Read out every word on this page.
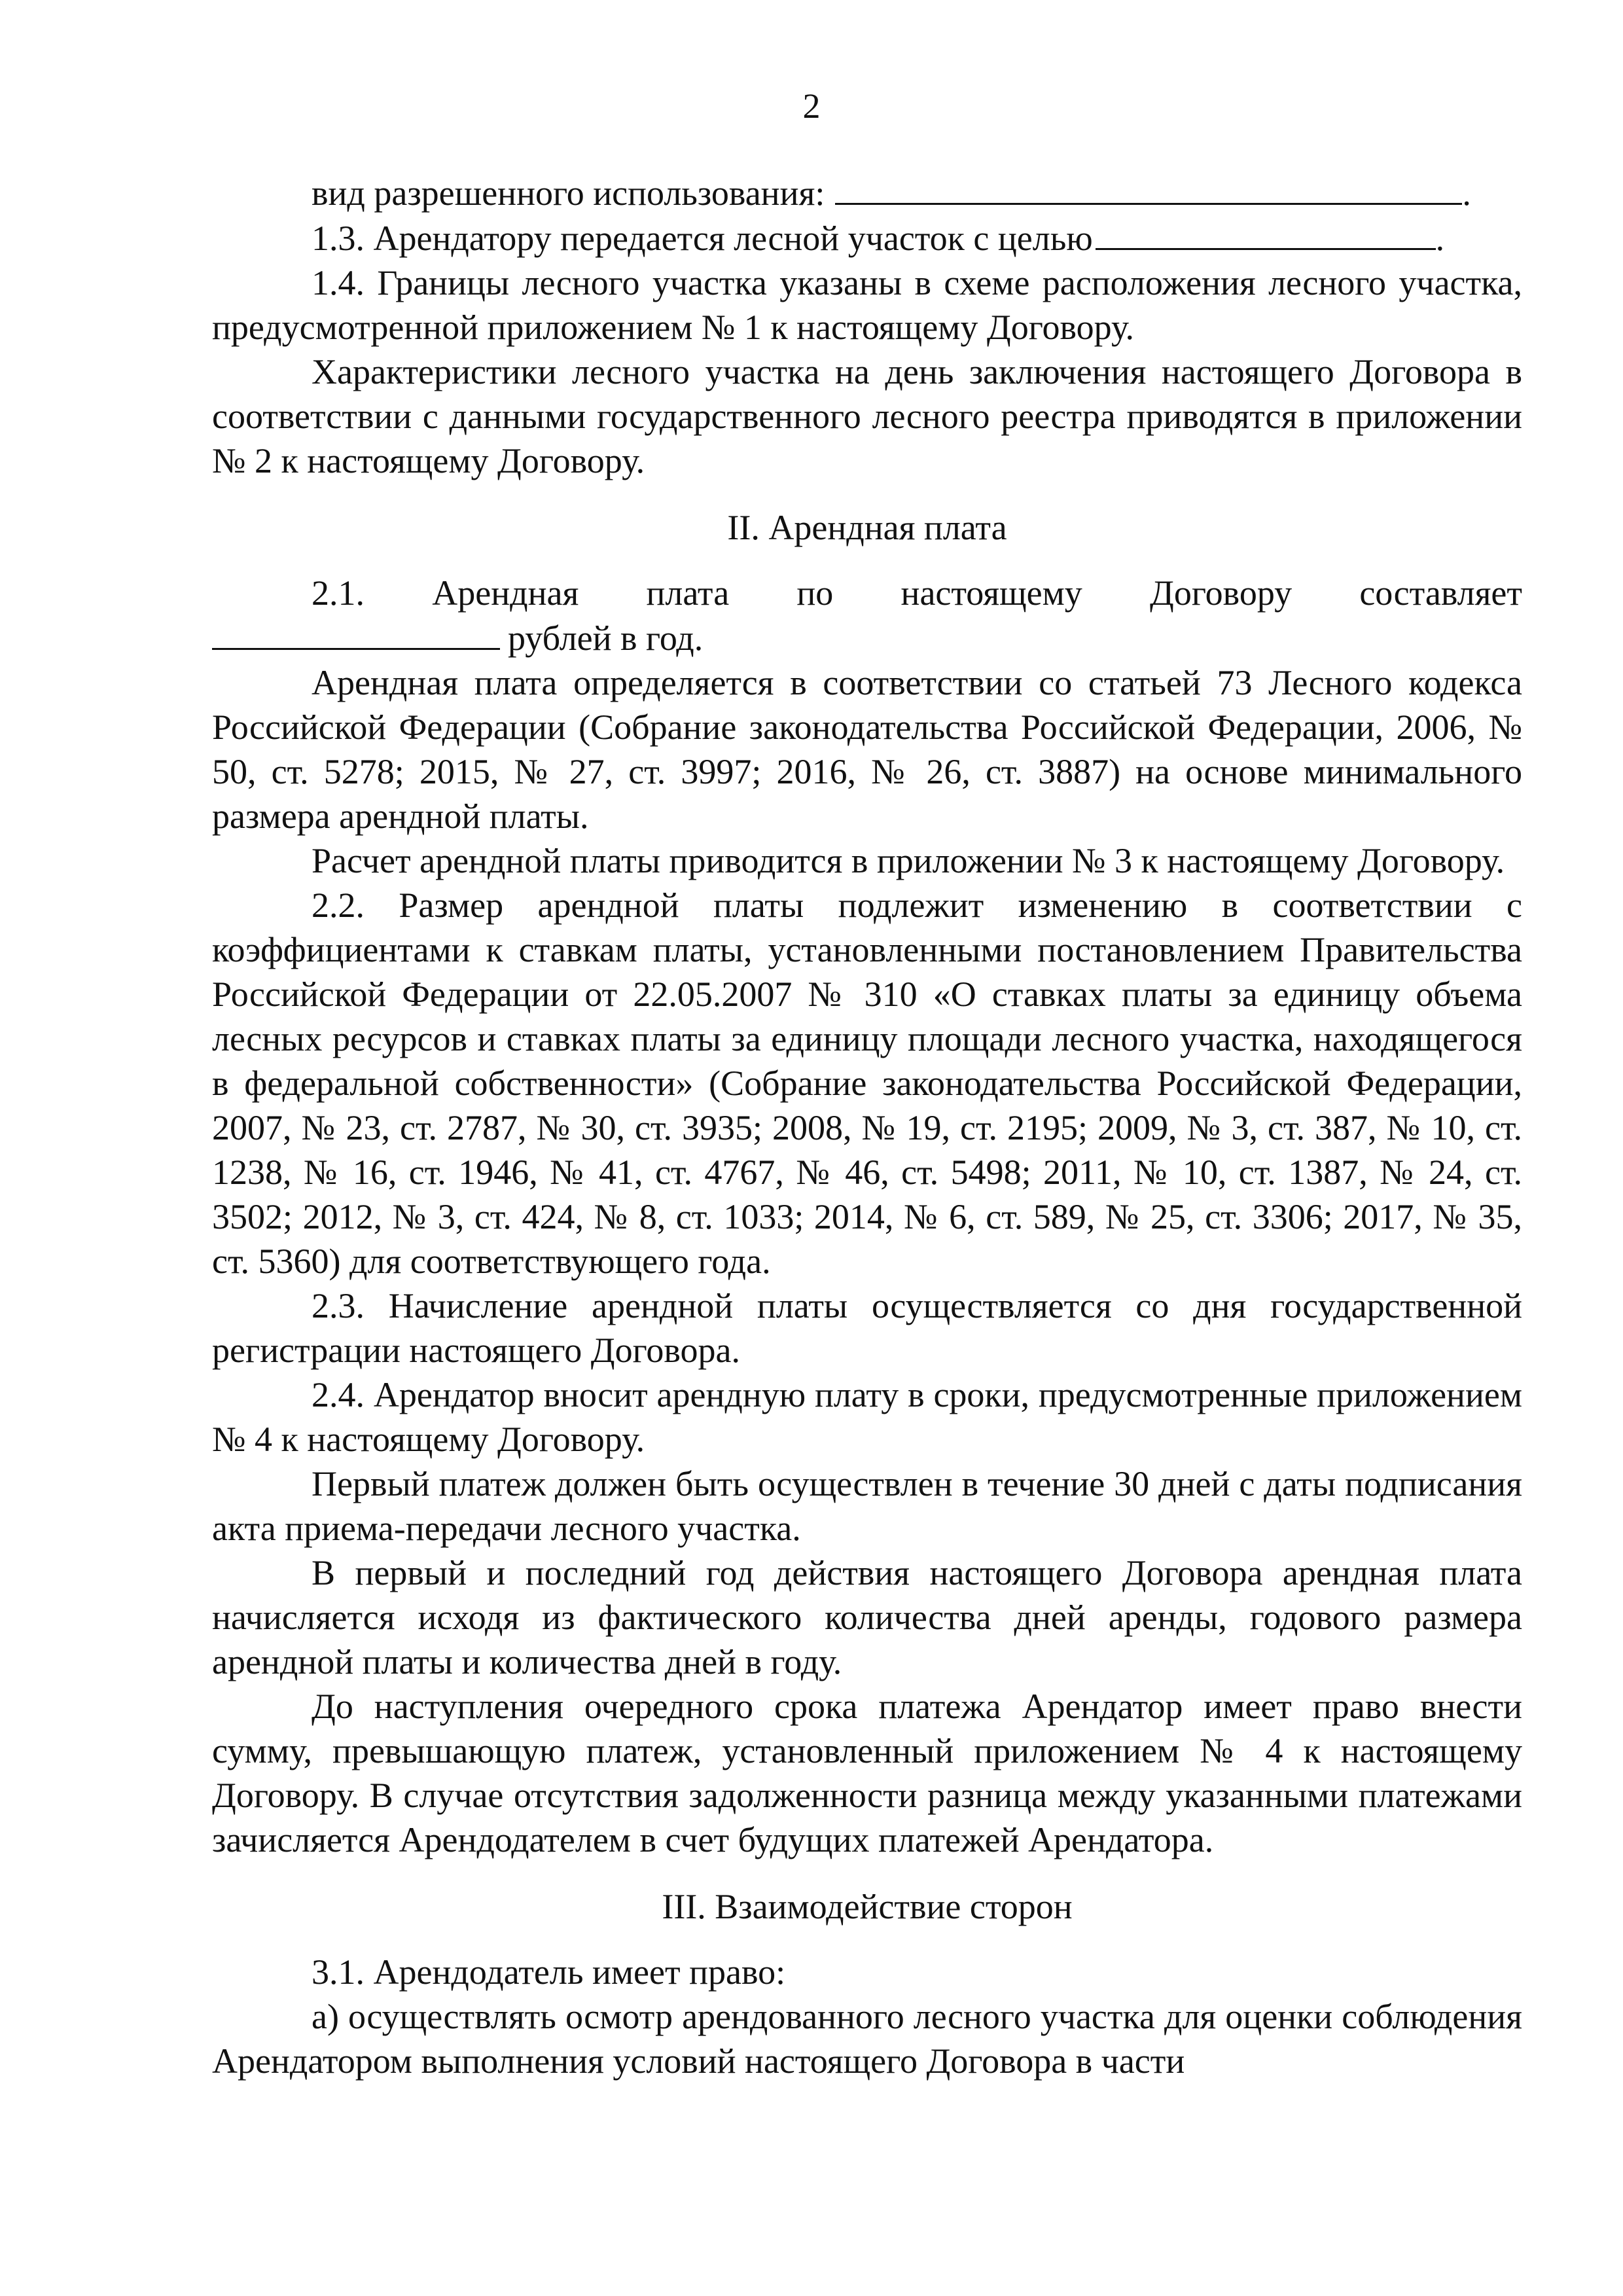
2

вид разрешенного использования:	.

1.3. Арендатору передается лесной участок с целью	.

1.4. Границы лесного участка указаны в схеме расположения лесного участка, предусмотренной приложением № 1 к настоящему Договору.

Характеристики лесного участка на день заключения настоящего Договора в соответствии с данными государственного лесного реестра приводятся в приложении № 2 к настоящему Договору.

II. Арендная плата

2.1. Арендная плата по настоящему Договору составляет

рублей в год.

Арендная плата определяется в соответствии со статьей 73 Лесного кодекса Российской Федерации (Собрание законодательства Российской Федерации, 2006, № 50, ст. 5278; 2015, № 27, ст. 3997; 2016, № 26, ст. 3887) на основе минимального размера арендной платы.

Расчет арендной платы приводится в приложении № 3 к настоящему Договору.

2.2. Размер арендной платы подлежит изменению в соответствии с коэффициентами к ставкам платы, установленными постановлением Правительства Российской Федерации от 22.05.2007 № 310 «О ставках платы за единицу объема лесных ресурсов и ставках платы за единицу площади лесного участка, находящегося в федеральной собственности» (Собрание законодательства Российской Федерации, 2007, № 23, ст. 2787, № 30, ст. 3935; 2008, № 19, ст. 2195; 2009, № 3, ст. 387, № 10, ст. 1238, № 16, ст. 1946, № 41, ст. 4767, № 46, ст. 5498; 2011, № 10, ст. 1387, № 24, ст. 3502; 2012, № 3, ст. 424, № 8, ст. 1033; 2014, № 6, ст. 589, № 25, ст. 3306; 2017, № 35, ст. 5360) для соответствующего года.

2.3. Начисление арендной платы осуществляется со дня государственной регистрации настоящего Договора.

2.4. Арендатор вносит арендную плату в сроки, предусмотренные приложением № 4 к настоящему Договору.

Первый платеж должен быть осуществлен в течение 30 дней с даты подписания акта приема-передачи лесного участка.

В первый и последний год действия настоящего Договора арендная плата начисляется исходя из фактического количества дней аренды, годового размера арендной платы и количества дней в году.

До наступления очередного срока платежа Арендатор имеет право внести сумму, превышающую платеж, установленный приложением № 4 к настоящему Договору. В случае отсутствия задолженности разница между указанными платежами зачисляется Арендодателем в счет будущих платежей Арендатора.

III. Взаимодействие сторон

3.1. Арендодатель имеет право:

а) осуществлять осмотр арендованного лесного участка для оценки соблюдения Арендатором выполнения условий настоящего Договора в части
